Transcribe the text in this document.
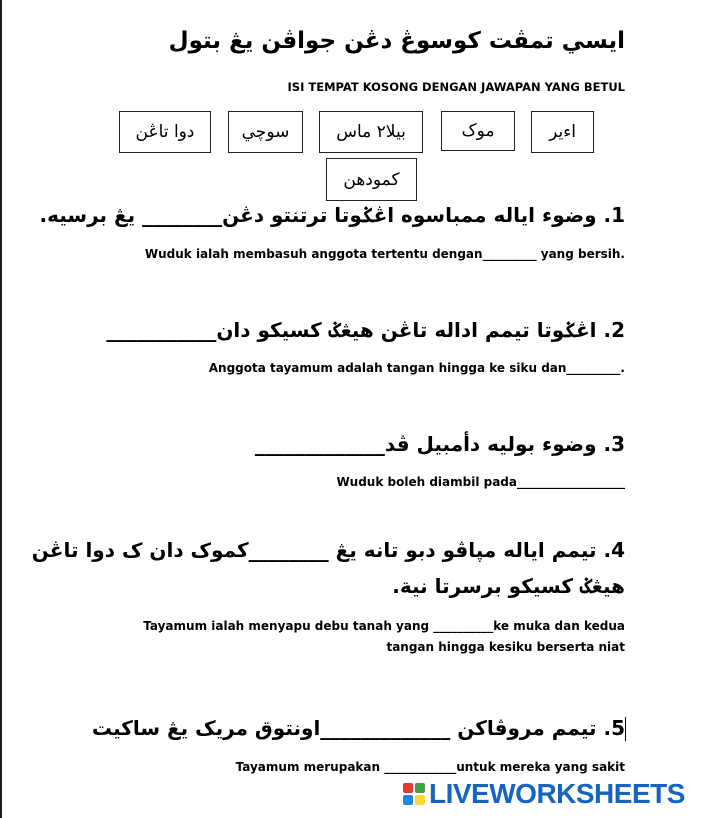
ايسي تمڤت کوسوڠ دڠن جواڤن يڠ بتول
ISI TEMPAT KOSONG DENGAN JAWAPAN YANG BETUL
دوا تاڠن	سوچي	بيلا٢ ماس	موک	اءير
کمودهن
1. وضوء اياله ممباسوه اڠݢوتا ترتنتو دڠن________ يڠ برسيه.
Wuduk ialah membasuh anggota tertentu dengan_________ yang bersih.
2. اڠݢوتا تيمم اداله تاڠن هيڠݢ کسيکو دان___________
Anggota tayamum adalah tangan hingga ke siku dan_________.
3. وضوء بوليه دأمبيل ڤد_____________
Wuduk boleh diambil pada__________________
4. تيمم اياله مڽاڤو دبو تانه يڠ ________کموک دان ک دوا تاڠن
هيڠݢ کسيکو برسرتا نية.
Tayamum ialah menyapu debu tanah yang __________ke muka dan kedua tangan hingga kesiku berserta niat
5. تيمم مروڤاکن _____________اونتوق مريک يڠ ساکيت
Tayamum merupakan ____________untuk mereka yang sakit
LIVEWORKSHEETS
